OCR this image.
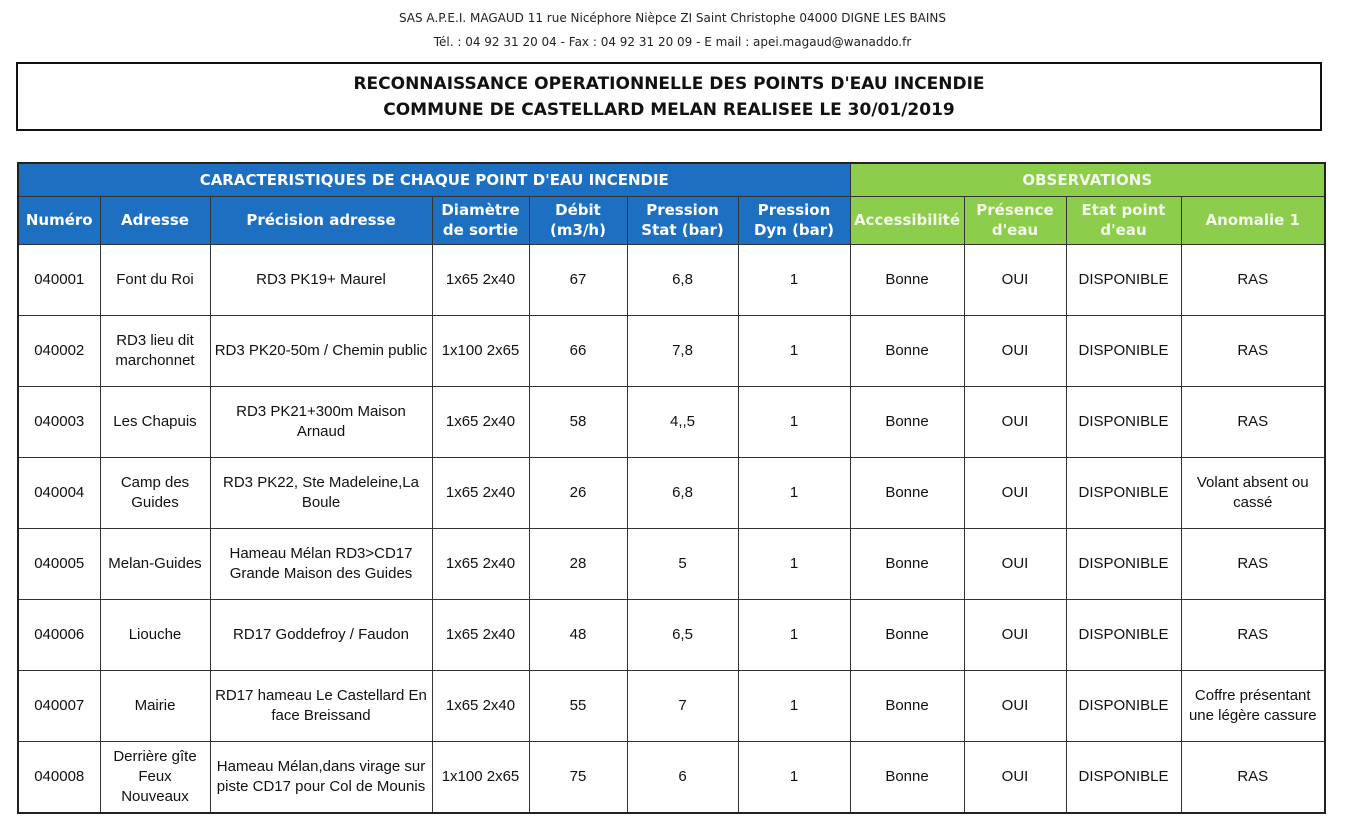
SAS A.P.E.I. MAGAUD 11 rue Nicéphore Nièpce ZI Saint Christophe 04000 DIGNE LES BAINS
Tél. : 04 92 31 20 04 - Fax : 04 92 31 20 09 - E mail : apei.magaud@wanaddo.fr
RECONNAISSANCE OPERATIONNELLE DES POINTS D'EAU INCENDIE
COMMUNE DE CASTELLARD MELAN REALISEE LE 30/01/2019
CARACTERISTIQUES DE CHAQUE POINT D'EAU INCENDIE							OBSERVATIONS			
Numéro	Adresse	Précision adresse	Diamètre de sortie	Débit (m3/h)	Pression Stat (bar)	Pression Dyn (bar)	Accessibilité	Présence d'eau	Etat point d'eau	Anomalie 1
040001	Font du Roi	RD3 PK19+ Maurel	1x65 2x40	67	6,8	1	Bonne	OUI	DISPONIBLE	RAS
040002	RD3 lieu dit marchonnet	RD3 PK20-50m / Chemin public	1x100 2x65	66	7,8	1	Bonne	OUI	DISPONIBLE	RAS
040003	Les Chapuis	RD3 PK21+300m Maison Arnaud	1x65 2x40	58	4,,5	1	Bonne	OUI	DISPONIBLE	RAS
040004	Camp des Guides	RD3 PK22, Ste Madeleine,La Boule	1x65 2x40	26	6,8	1	Bonne	OUI	DISPONIBLE	Volant absent ou cassé
040005	Melan-Guides	Hameau Mélan RD3>CD17 Grande Maison des Guides	1x65 2x40	28	5	1	Bonne	OUI	DISPONIBLE	RAS
040006	Liouche	RD17 Goddefroy / Faudon	1x65 2x40	48	6,5	1	Bonne	OUI	DISPONIBLE	RAS
040007	Mairie	RD17 hameau Le Castellard En face Breissand	1x65 2x40	55	7	1	Bonne	OUI	DISPONIBLE	Coffre présentant une légère cassure
040008	Derrière gîte Feux Nouveaux	Hameau Mélan,dans virage sur piste CD17 pour Col de Mounis	1x100 2x65	75	6	1	Bonne	OUI	DISPONIBLE	RAS
